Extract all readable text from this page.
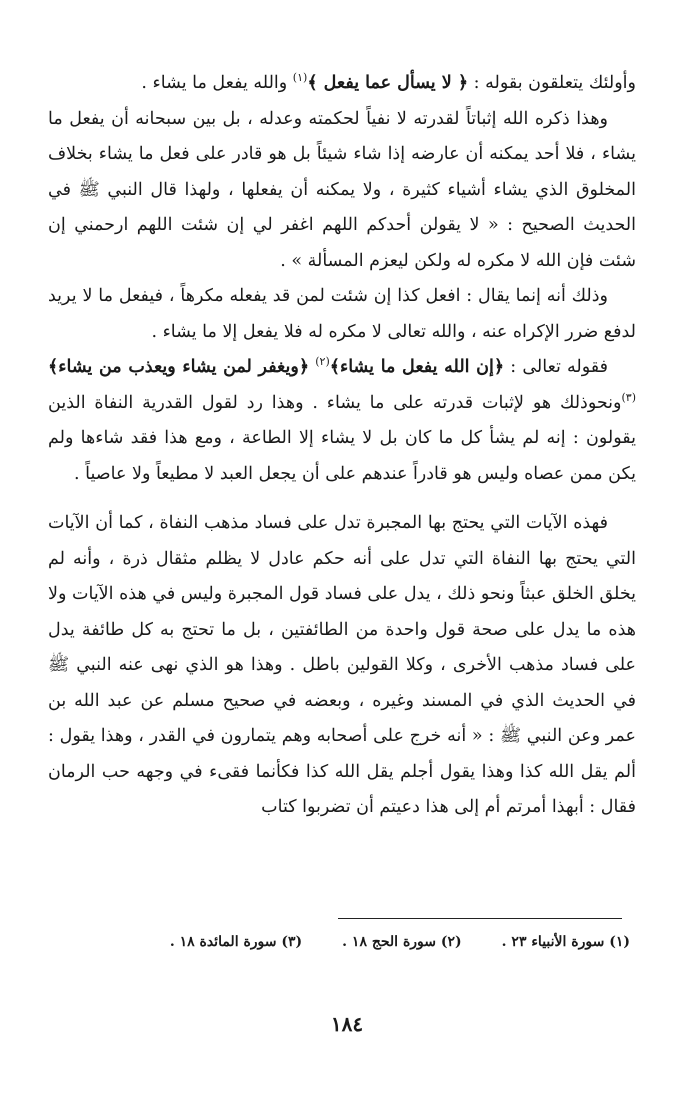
وأولئك يتعلقون بقوله : ﴿ لا يسأل عما يفعل ﴾$^{(١)}$ والله يفعل ما يشاء .

وهذا ذكره الله إثباتاً لقدرته لا نفياً لحكمته وعدله ، بل بين سبحانه أن يفعل ما يشاء ، فلا أحد يمكنه أن عارضه إذا شاء شيئاً بل هو قادر على فعل ما يشاء بخلاف المخلوق الذي يشاء أشياء كثيرة ، ولا يمكنه أن يفعلها ، ولهذا قال النبي ﷺ في الحديث الصحيح : « لا يقولن أحدكم اللهم اغفر لي إن شئت اللهم ارحمني إن شئت فإن الله لا مكره له ولكن ليعزم المسألة » .

وذلك أنه إنما يقال : افعل كذا إن شئت لمن قد يفعله مكرهاً ، فيفعل ما لا يريد لدفع ضرر الإكراه عنه ، والله تعالى لا مكره له فلا يفعل إلا ما يشاء .

فقوله تعالى : ﴿إن الله يفعل ما يشاء﴾$^{(٢)}$ ﴿ويغفر لمن يشاء ويعذب من يشاء﴾$^{(٣)}$ونحوذلك هو لإثبات قدرته على ما يشاء . وهذا رد لقول القدرية النفاة الذين يقولون : إنه لم يشأ كل ما كان بل لا يشاء إلا الطاعة ، ومع هذا فقد شاءها ولم يكن ممن عصاه وليس هو قادراً عندهم على أن يجعل العبد لا مطيعاً ولا عاصياً .

فهذه الآيات التي يحتج بها المجبرة تدل على فساد مذهب النفاة ، كما أن الآيات التي يحتج بها النفاة التي تدل على أنه حكم عادل لا يظلم مثقال ذرة ، وأنه لم يخلق الخلق عبثاً ونحو ذلك ، يدل على فساد قول المجبرة وليس في هذه الآيات ولا هذه ما يدل على صحة قول واحدة من الطائفتين ، بل ما تحتج به كل طائفة يدل على فساد مذهب الأخرى ، وكلا القولين باطل . وهذا هو الذي نهى عنه النبي ﷺ في الحديث الذي في المسند وغيره ، وبعضه في صحيح مسلم عن عبد الله بن عمر وعن النبي ﷺ : « أنه خرج على أصحابه وهم يتمارون في القدر ، وهذا يقول : ألم يقل الله كذا وهذا يقول أجلم يقل الله كذا فكأنما فقىء في وجهه حب الرمان فقال : أبهذا أمرتم أم إلى هذا دعيتم أن تضربوا كتاب

(١) سورة الأنبياء ٢٣ .
(٢) سورة الحج ١٨ .
(٣) سورة المائدة ١٨ .
١٨٤
